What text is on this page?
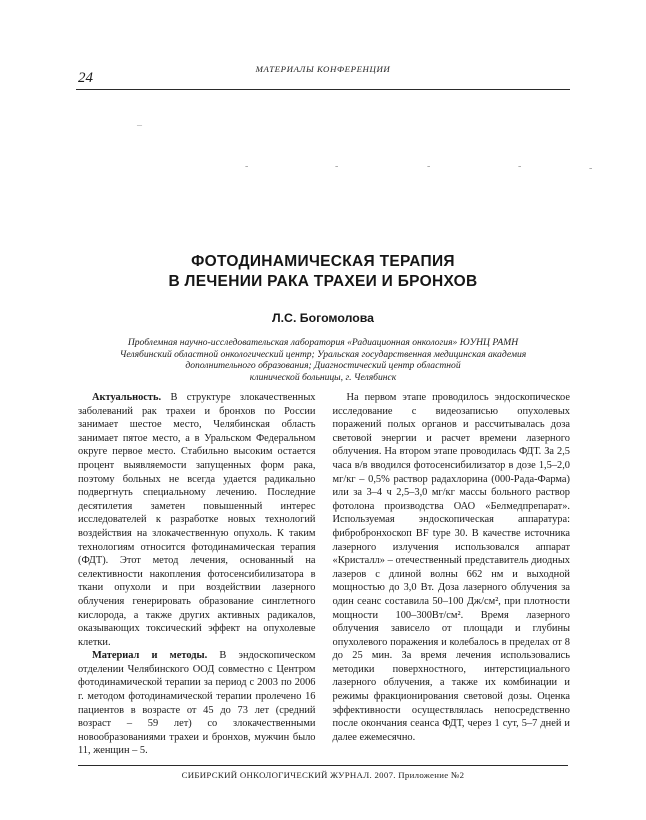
24
МАТЕРИАЛЫ КОНФЕРЕНЦИИ
–
-	-	-	-	-
ФОТОДИНАМИЧЕСКАЯ ТЕРАПИЯ
В ЛЕЧЕНИИ РАКА ТРАХЕИ И БРОНХОВ
Л.С. Богомолова
Проблемная научно-исследовательская лаборатория «Радиационная онкология» ЮУНЦ РАМН
Челябинский областной онкологический центр; Уральская государственная медицинская академия
дополнительного образования; Диагностический центр областной
клинической больницы, г. Челябинск

Актуальность. В структуре злокачественных заболеваний рак трахеи и бронхов по России занимает шестое место, Челябинская область занимает пятое место, а в Уральском Федеральном округе первое место. Стабильно высоким остается процент выявляемости запущенных форм рака, поэтому больных не всегда удается радикально подвергнуть специальному лечению. Последние десятилетия заметен повышенный интерес исследователей к разработке новых технологий воздействия на злокачественную опухоль. К таким технологиям относится фотодинамическая терапия (ФДТ). Этот метод лечения, основанный на селективности накопления фотосенсибилизатора в ткани опухоли и при воздействии лазерного облучения генерировать образование синглетного кислорода, а также других активных радикалов, оказывающих токсический эффект на опухолевые клетки.

Материал и методы. В эндоскопическом отделении Челябинского ООД совместно с Центром фотодинамической терапии за период с 2003 по 2006 г. методом фотодинамической терапии пролечено 16 пациентов в возрасте от 45 до 73 лет (средний возраст – 59 лет) со злокачественными новообразованиями трахеи и бронхов, мужчин было 11, женщин – 5.

На первом этапе проводилось эндоскопическое исследование с видеозаписью опухолевых поражений полых органов и рассчитывалась доза световой энергии и расчет времени лазерного облучения. На втором этапе проводилась ФДТ. За 2,5 часа в/в вводился фотосенсибилизатор в дозе 1,5–2,0 мг/кг – 0,5% раствор радахлорина (000-Рада-Фарма) или за 3–4 ч 2,5–3,0 мг/кг массы больного раствор фотолона производства ОАО «Белмедпрепарат». Используемая эндоскопическая аппаратура: фибробронхоскоп BF type 30. В качестве источника лазерного излучения использовался аппарат «Кристалл» – отечественный представитель диодных лазеров с длиной волны 662 нм и выходной мощностью до 3,0 Вт. Доза лазерного облучения за один сеанс составила 50–100 Дж/см², при плотности мощности 100–300Вт/см². Время лазерного облучения зависело от площади и глубины опухолевого поражения и колебалось в пределах от 8 до 25 мин. За время лечения использовались методики поверхностного, интерстициального лазерного облучения, а также их комбинации и режимы фракционирования световой дозы. Оценка эффективности осуществлялась непосредственно после окончания сеанса ФДТ, через 1 сут, 5–7 дней и далее ежемесячно.

СИБИРСКИЙ ОНКОЛОГИЧЕСКИЙ ЖУРНАЛ. 2007. Приложение №2
